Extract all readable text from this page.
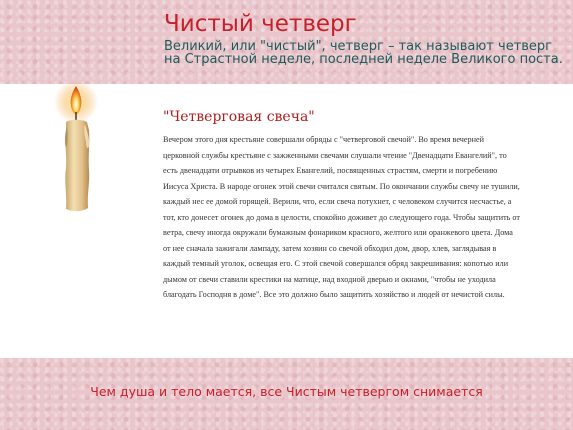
Чистый четверг

Великий, или "чистый", четверг – так называют четверг на Страстной неделе, последней неделе Великого поста.

"Четверговая свеча"

Вечером этого дня крестьяне совершали обряды с "четверговой свечой". Во время вечерней церковной службы крестьяне с зажженными свечами слушали чтение "Двенадцати Евангелий", то есть двенадцати отрывков из четырех Евангелий, посвященных страстям, смерти и погребению Иисуса Христа. В народе огонек этой свечи считался святым. По окончании службы свечу не тушили, каждый нес ее домой горящей. Верили, что, если свеча потухнет, с человеком случится несчастье, а тот, кто донесет огонек до дома в целости, спокойно доживет до следующего года. Чтобы защитить от ветра, свечу иногда окружали бумажным фонариком красного, желтого или оранжевого цвета. Дома от нее сначала зажигали лампаду, затем хозяин со свечой обходил дом, двор, хлев, заглядывая в каждый темный уголок, освещая его. С этой свечой совершался обряд закрешивания: копотью или дымом от свечи ставили крестики на матице, над входной дверью и окнами, "чтобы не уходила благодать Господня в доме". Все это должно было защитить хозяйство и людей от нечистой силы.

Чем душа и тело мается, все Чистым четвергом снимается
